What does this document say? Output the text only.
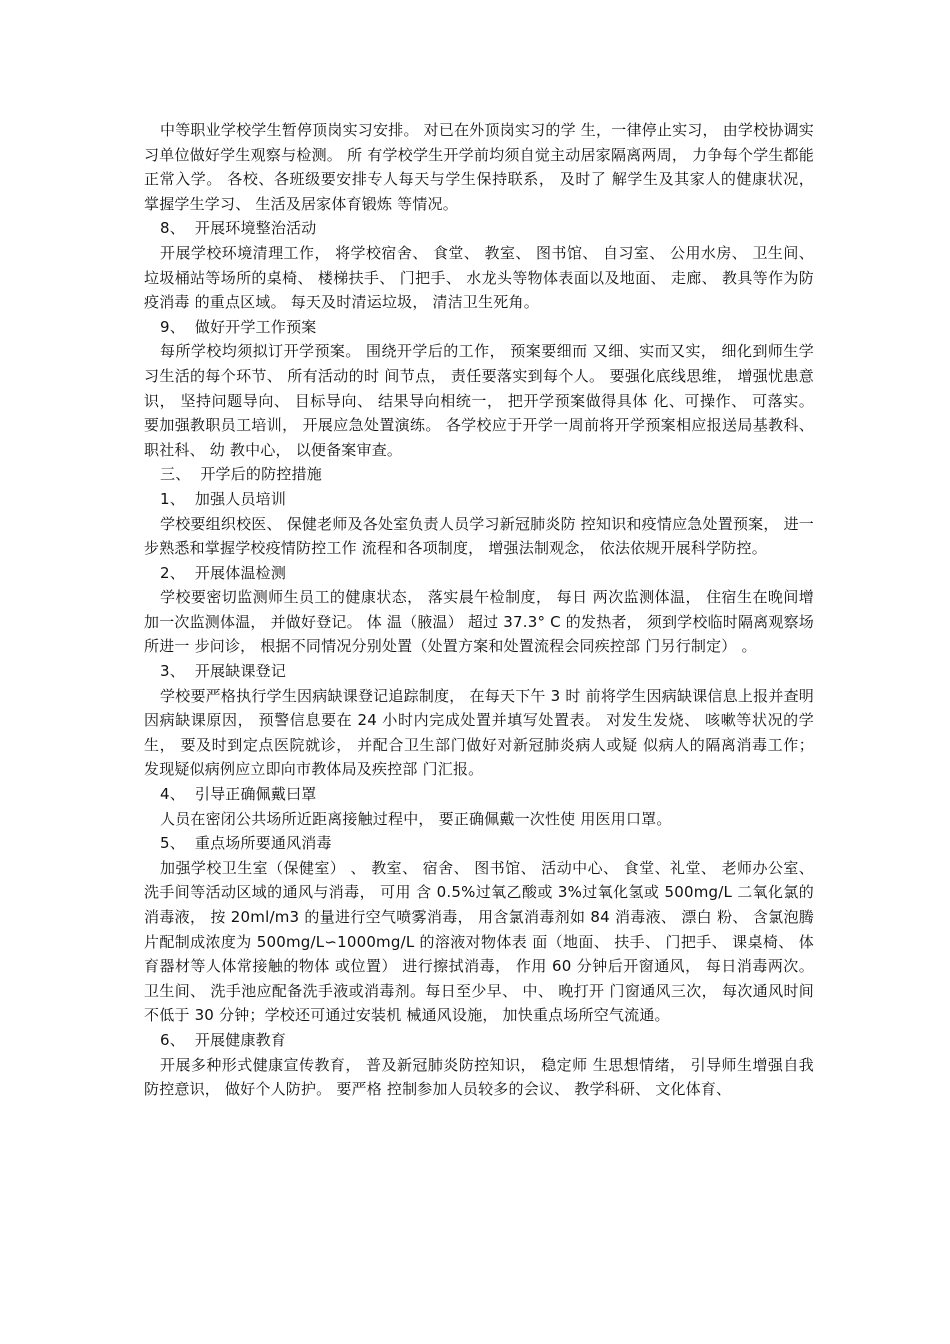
中等职业学校学生暂停顶岗实习安排。 对已在外顶岗实习的学 生，一律停止实习， 由学校协调实习单位做好学生观察与检测。 所 有学校学生开学前均须自觉主动居家隔离两周， 力争每个学生都能 正常入学。 各校、各班级要安排专人每天与学生保持联系， 及时了 解学生及其家人的健康状况， 掌握学生学习、 生活及居家体育锻炼 等情况。

8、  开展环境整治活动

开展学校环境清理工作， 将学校宿舍、 食堂、 教室、 图书馆、 自习室、 公用水房、 卫生间、 垃圾桶站等场所的桌椅、 楼梯扶手、 门把手、 水龙头等物体表面以及地面、 走廊、 教具等作为防疫消毒 的重点区域。 每天及时清运垃圾， 清洁卫生死角。

9、  做好开学工作预案

每所学校均须拟订开学预案。 围绕开学后的工作， 预案要细而 又细、实而又实， 细化到师生学习生活的每个环节、 所有活动的时 间节点， 责任要落实到每个人。 要强化底线思维， 增强忧患意识， 坚持问题导向、 目标导向、 结果导向相统一， 把开学预案做得具体 化、可操作、 可落实。 要加强教职员工培训， 开展应急处置演练。 各学校应于开学一周前将开学预案相应报送局基教科、 职社科、 幼 教中心， 以便备案审查。

三、  开学后的防控措施

1、  加强人员培训

学校要组织校医、 保健老师及各处室负责人员学习新冠肺炎防 控知识和疫情应急处置预案， 进一步熟悉和掌握学校疫情防控工作 流程和各项制度， 增强法制观念， 依法依规开展科学防控。

2、  开展体温检测

学校要密切监测师生员工的健康状态， 落实晨午检制度， 每日 两次监测体温， 住宿生在晚间增加一次监测体温， 并做好登记。 体 温（腋温） 超过 37.3° C 的发热者， 须到学校临时隔离观察场所进一 步问诊， 根据不同情况分别处置（处置方案和处置流程会同疾控部 门另行制定） 。

3、  开展缺课登记

学校要严格执行学生因病缺课登记追踪制度， 在每天下午 3 时 前将学生因病缺课信息上报并查明因病缺课原因， 预警信息要在 24 小时内完成处置并填写处置表。 对发生发烧、 咳嗽等状况的学生， 要及时到定点医院就诊， 并配合卫生部门做好对新冠肺炎病人或疑 似病人的隔离消毒工作； 发现疑似病例应立即向市教体局及疾控部 门汇报。

4、  引导正确佩戴曰罩

人员在密闭公共场所近距离接触过程中， 要正确佩戴一次性使 用医用口罩。

5、  重点场所要通风消毒

加强学校卫生室（保健室） 、 教室、 宿舍、 图书馆、 活动中心、 食堂、礼堂、 老师办公室、 洗手间等活动区域的通风与消毒， 可用 含 0.5%过氧乙酸或 3%过氧化氢或 500mg/L 二氧化氯的消毒液， 按 20ml/m3 的量进行空气喷雾消毒， 用含氯消毒剂如 84 消毒液、 漂白 粉、 含氯泡腾片配制成浓度为 500mg/L∽1000mg/L 的溶液对物体表 面（地面、 扶手、 门把手、 课桌椅、 体育器材等人体常接触的物体 或位置） 进行擦拭消毒， 作用 60 分钟后开窗通风， 每日消毒两次。 卫生间、 洗手池应配备洗手液或消毒剂。每日至少早、 中、 晚打开 门窗通风三次， 每次通风时间不低于 30 分钟；学校还可通过安装机 械通风设施， 加快重点场所空气流通。

6、  开展健康教育

开展多种形式健康宣传教育， 普及新冠肺炎防控知识， 稳定师 生思想情绪， 引导师生增强自我防控意识， 做好个人防护。 要严格 控制参加人员较多的会议、 教学科研、 文化体育、
